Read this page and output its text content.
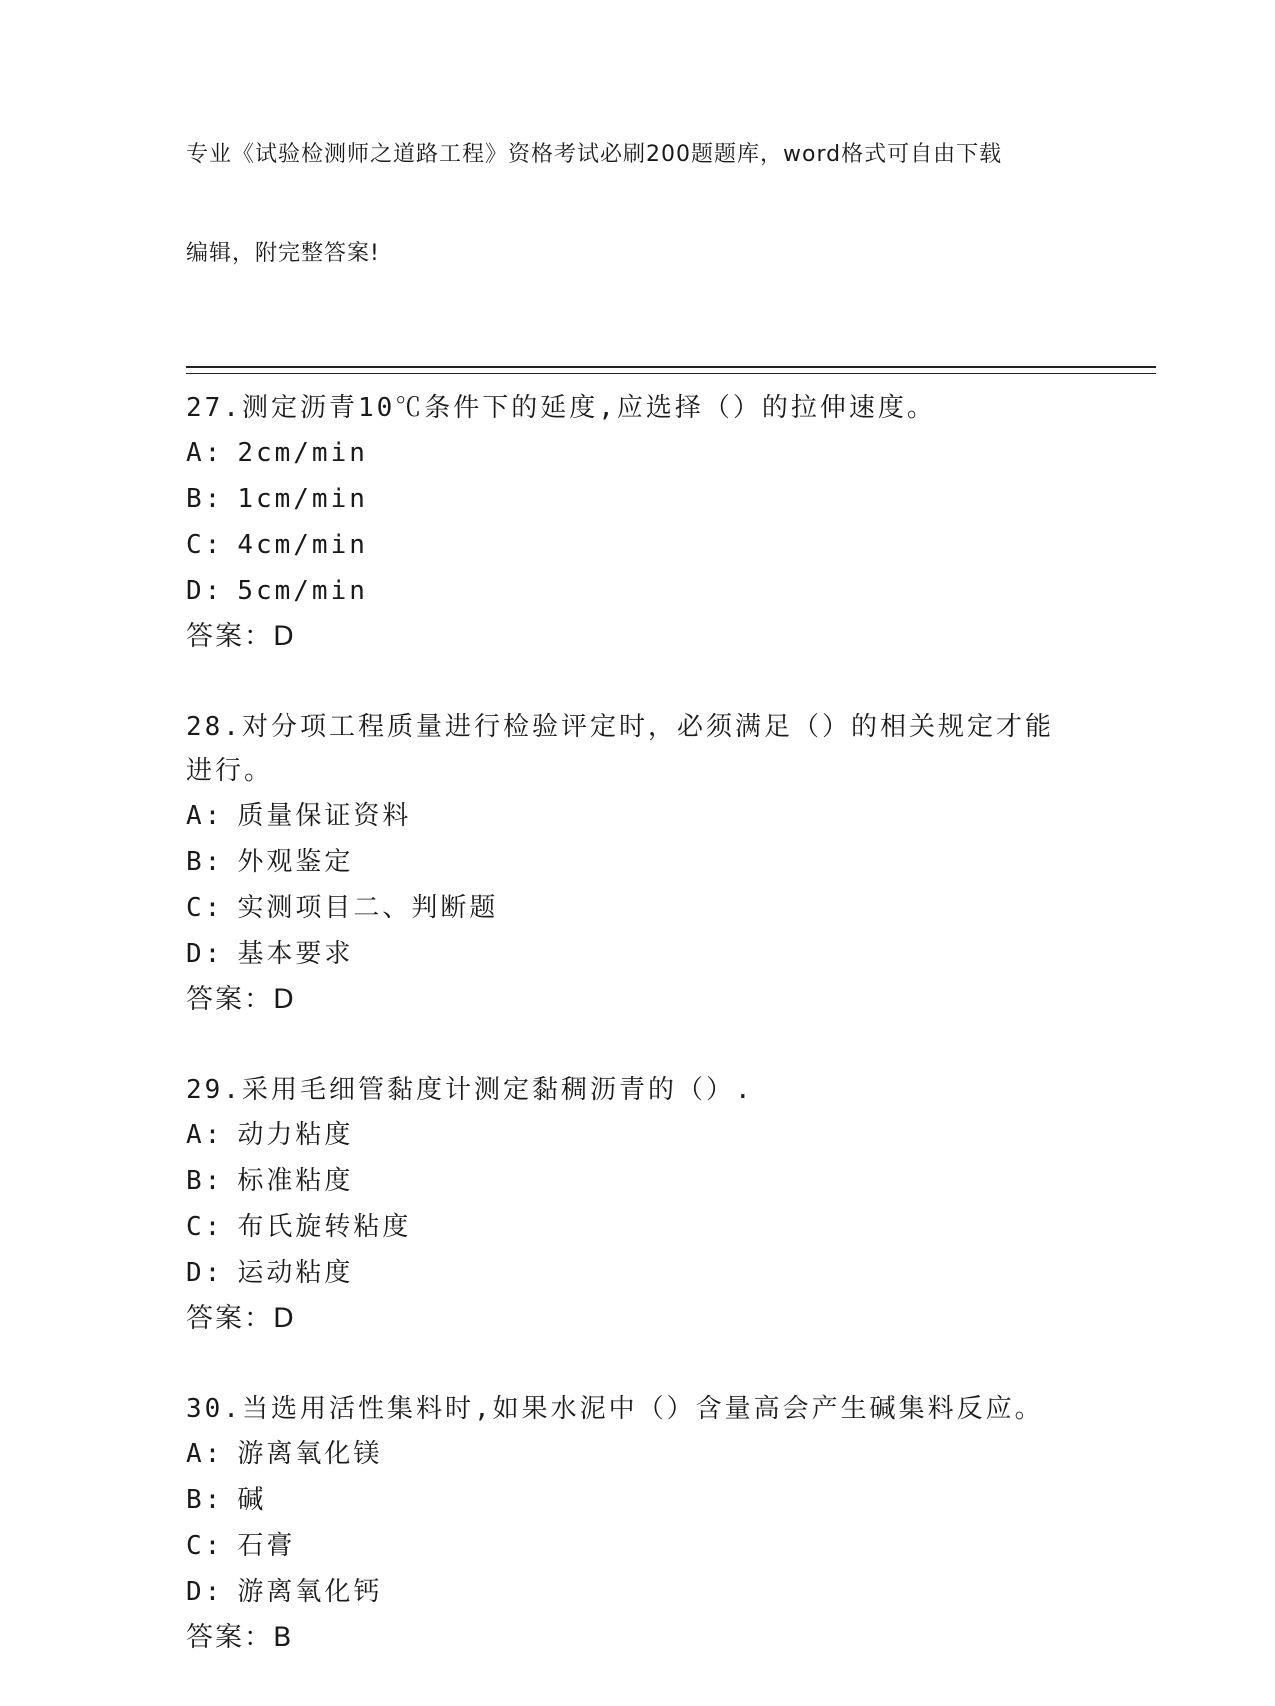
专业《试验检测师之道路工程》资格考试必刷200题题库，word格式可自由下载

编辑，附完整答案!

27.测定沥青10℃条件下的延度,应选择（）的拉伸速度。
A: 2cm/min
B: 1cm/min
C: 4cm/min
D: 5cm/min
答案：D
28.对分项工程质量进行检验评定时，必须满足（）的相关规定才能进行。
A: 质量保证资料
B: 外观鉴定
C: 实测项目二、判断题
D: 基本要求
答案：D
29.采用毛细管黏度计测定黏稠沥青的（）.
A: 动力粘度
B: 标准粘度
C: 布氏旋转粘度
D: 运动粘度
答案：D
30.当选用活性集料时,如果水泥中（）含量高会产生碱集料反应。
A: 游离氧化镁
B: 碱
C: 石膏
D: 游离氧化钙
答案：B
